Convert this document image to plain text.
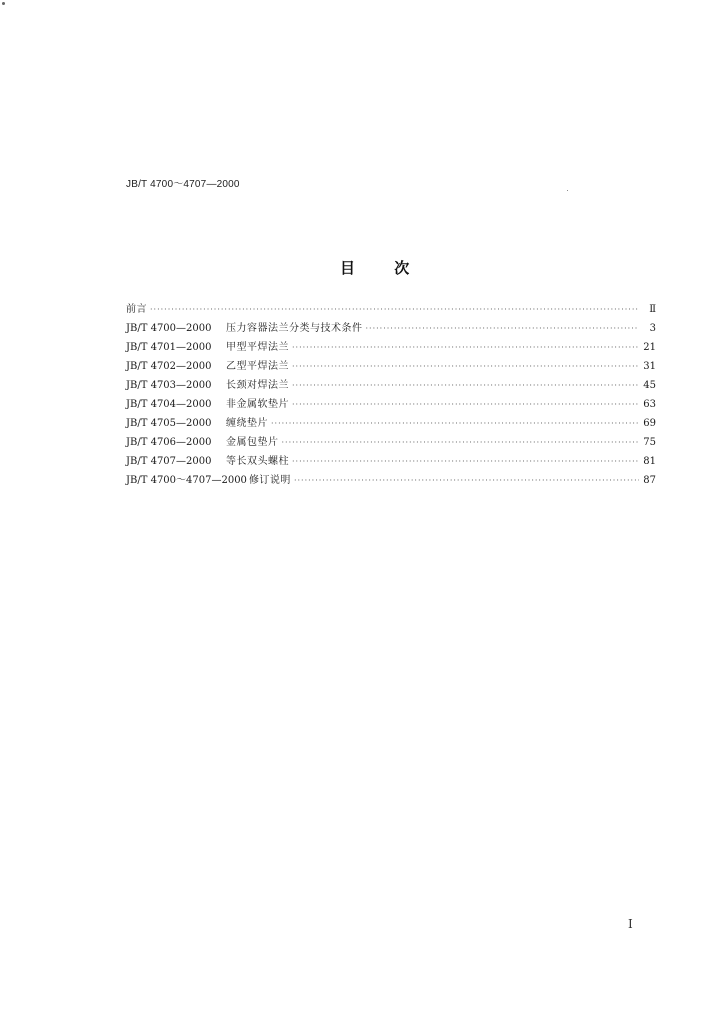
JB/T 4700～4707—2000
目 次
前言 ·····	Ⅱ
JB/T 4700—2000	压力容器法兰分类与技术条件 ·····	3
JB/T 4701—2000	甲型平焊法兰 ·····	21
JB/T 4702—2000	乙型平焊法兰 ·····	31
JB/T 4703—2000	长颈对焊法兰 ·····	45
JB/T 4704—2000	非金属软垫片 ·····	63
JB/T 4705—2000	缠绕垫片 ·····	69
JB/T 4706—2000	金属包垫片 ·····	75
JB/T 4707—2000	等长双头螺柱 ·····	81
JB/T 4700～4707—2000 修订说明 ·····	87
Ⅰ
